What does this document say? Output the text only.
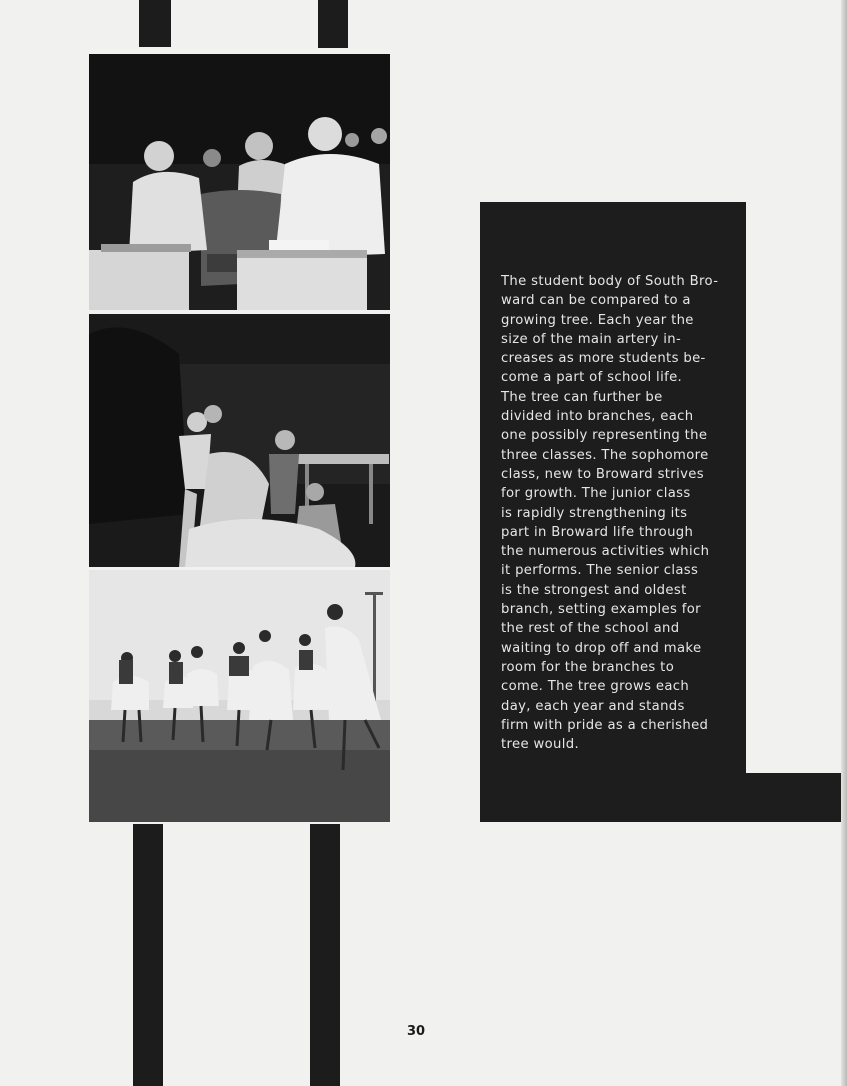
The student body of South Bro-
ward can be compared to a
growing tree. Each year the
size of the main artery in-
creases as more students be-
come a part of school life.
The tree can further be
divided into branches, each
one possibly representing the
three classes. The sophomore
class, new to Broward strives
for growth. The junior class
is rapidly strengthening its
part in Broward life through
the numerous activities which
it performs. The senior class
is the strongest and oldest
branch, setting examples for
the rest of the school and
waiting to drop off and make
room for the branches to
come. The tree grows each
day, each year and stands
firm with pride as a cherished
tree would.

30
